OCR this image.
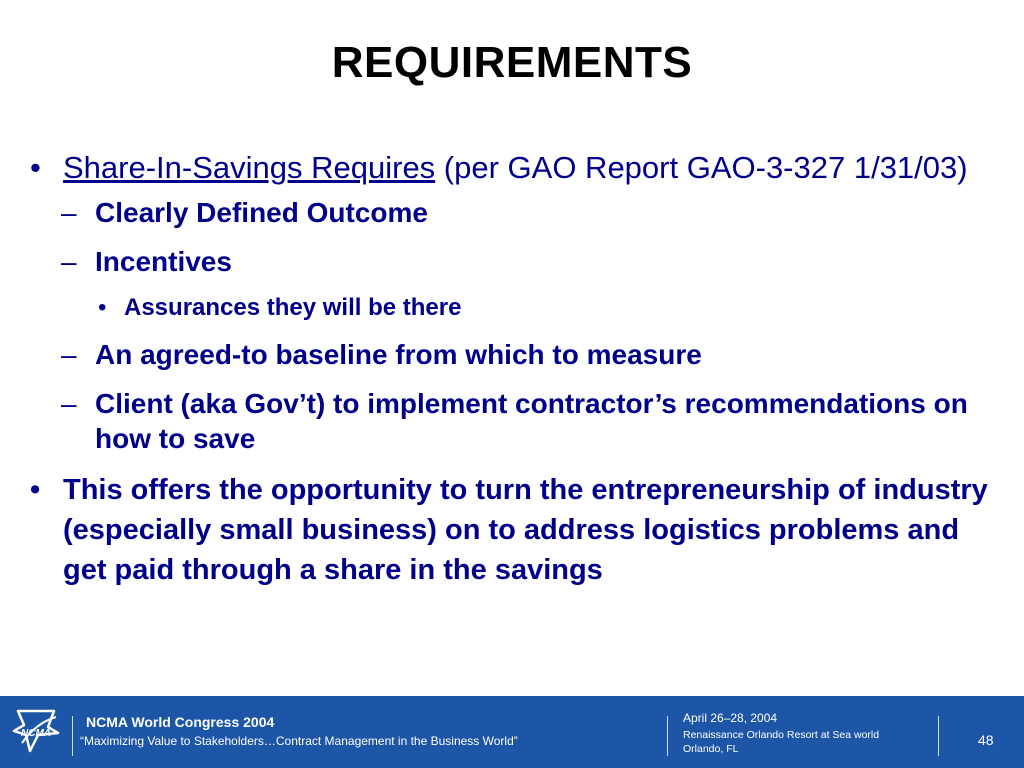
REQUIREMENTS
• Share-In-Savings Requires (per GAO Report GAO-3-327 1/31/03)
– Clearly Defined Outcome
– Incentives
• Assurances they will be there
– An agreed-to baseline from which to measure
– Client (aka Gov’t) to implement contractor’s recommendations on how to save
• This offers the opportunity to turn the entrepreneurship of industry (especially small business) on to address logistics problems and get paid through a share in the savings
NCMA
NCMA World Congress 2004
“Maximizing Value to Stakeholders…Contract Management in the Business World”
April 26–28, 2004
Renaissance Orlando Resort at Sea world
Orlando, FL
48
